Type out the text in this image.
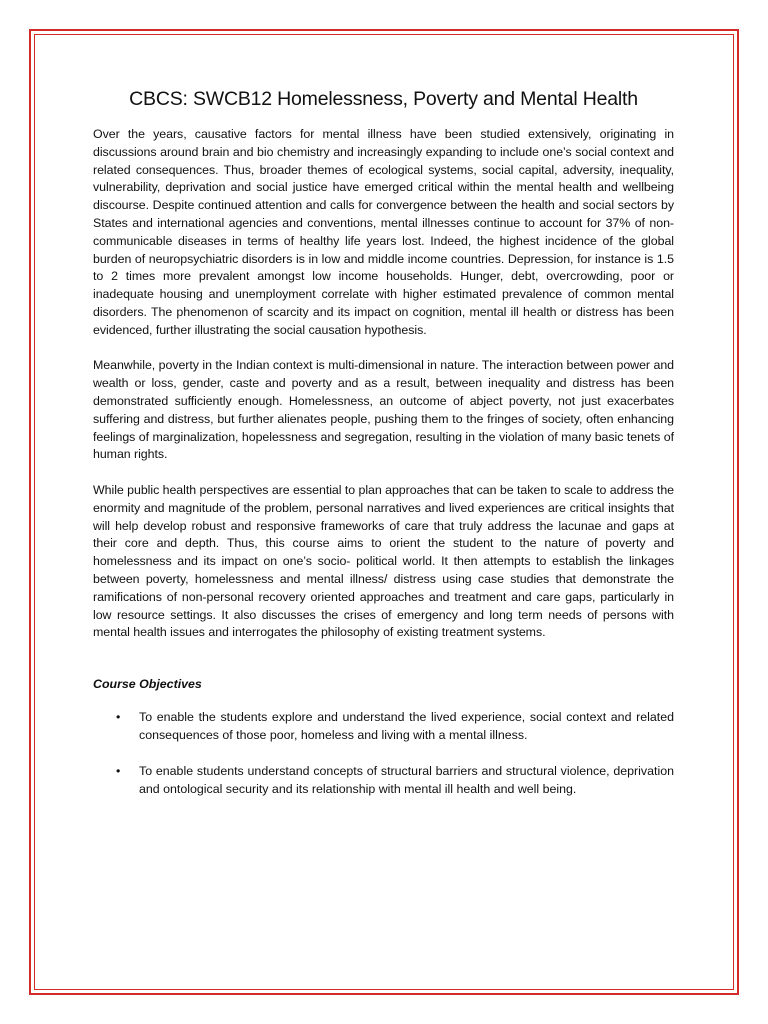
CBCS: SWCB12 Homelessness, Poverty and Mental Health

Over the years, causative factors for mental illness have been studied extensively, originating in discussions around brain and bio chemistry and increasingly expanding to include one’s social context and related consequences. Thus, broader themes of ecological systems, social capital, adversity, inequality, vulnerability, deprivation and social justice have emerged critical within the mental health and wellbeing discourse. Despite continued attention and calls for convergence between the health and social sectors by States and international agencies and conventions, mental illnesses continue to account for 37% of non- communicable diseases in terms of healthy life years lost. Indeed, the highest incidence of the global burden of neuropsychiatric disorders is in low and middle income countries. Depression, for instance is 1.5 to 2 times more prevalent amongst low income households. Hunger, debt, overcrowding, poor or inadequate housing and unemployment correlate with higher estimated prevalence of common mental disorders. The phenomenon of scarcity and its impact on cognition, mental ill health or distress has been evidenced, further illustrating the social causation hypothesis.

Meanwhile, poverty in the Indian context is multi-dimensional in nature. The interaction between power and wealth or loss, gender, caste and poverty and as a result, between inequality and distress has been demonstrated sufficiently enough. Homelessness, an outcome of abject poverty, not just exacerbates suffering and distress, but further alienates people, pushing them to the fringes of society, often enhancing feelings of marginalization, hopelessness and segregation, resulting in the violation of many basic tenets of human rights.

While public health perspectives are essential to plan approaches that can be taken to scale to address the enormity and magnitude of the problem, personal narratives and lived experiences are critical insights that will help develop robust and responsive frameworks of care that truly address the lacunae and gaps at their core and depth. Thus, this course aims to orient the student to the nature of poverty and homelessness and its impact on one’s socio- political world. It then attempts to establish the linkages between poverty, homelessness and mental illness/ distress using case studies that demonstrate the ramifications of non-personal recovery oriented approaches and treatment and care gaps, particularly in low resource settings. It also discusses the crises of emergency and long term needs of persons with mental health issues and interrogates the philosophy of existing treatment systems.

Course Objectives
• To enable the students explore and understand the lived experience, social context and related consequences of those poor, homeless and living with a mental illness.
• To enable students understand concepts of structural barriers and structural violence, deprivation and ontological security and its relationship with mental ill health and well being.
